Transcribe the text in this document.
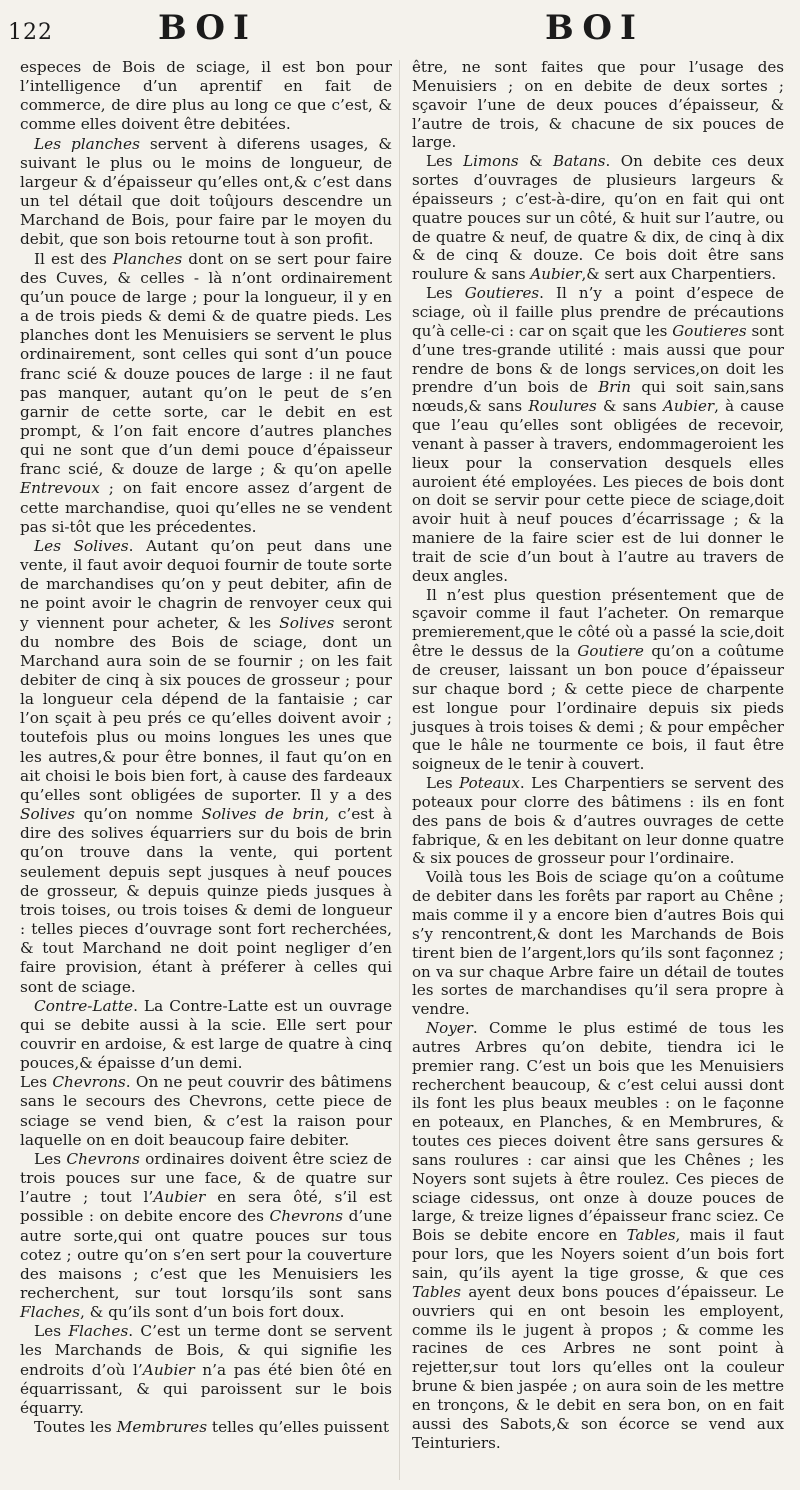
122	BOI	BOI

especes de Bois de sciage, il est bon pour l’intelligence d’un aprentif en fait de commerce, de dire plus au long ce que c’est, & comme elles doivent être debitées.

Les planches servent à diferens usages, & suivant le plus ou le moins de longueur, de largeur & d’épaisseur qu’elles ont,& c’est dans un tel détail que doit toûjours descendre un Marchand de Bois, pour faire par le moyen du debit, que son bois retourne tout à son profit.

Il est des Planches dont on se sert pour faire des Cuves, & celles - là n’ont ordinairement qu’un pouce de large ; pour la longueur, il y en a de trois pieds & demi & de quatre pieds. Les planches dont les Menuisiers se servent le plus ordinairement, sont celles qui sont d’un pouce franc scié & douze pouces de large : il ne faut pas manquer, autant qu’on le peut de s’en garnir de cette sorte, car le debit en est prompt, & l’on fait encore d’autres planches qui ne sont que d’un demi pouce d’épaisseur franc scié, & douze de large ; & qu’on apelle Entrevoux ; on fait encore assez d’argent de cette marchandise, quoi qu’elles ne se vendent pas si-tôt que les précedentes.

Les Solives. Autant qu’on peut dans une vente, il faut avoir dequoi fournir de toute sorte de marchandises qu’on y peut debiter, afin de ne point avoir le chagrin de renvoyer ceux qui y viennent pour acheter, & les Solives seront du nombre des Bois de sciage, dont un Marchand aura soin de se fournir ; on les fait debiter de cinq à six pouces de grosseur ; pour la longueur cela dépend de la fantaisie ; car l’on sçait à peu prés ce qu’elles doivent avoir ; toutefois plus ou moins longues les unes que les autres,& pour être bonnes, il faut qu’on en ait choisi le bois bien fort, à cause des fardeaux qu’elles sont obligées de suporter. Il y a des Solives qu’on nomme Solives de brin, c’est à dire des solives équarriers sur du bois de brin qu’on trouve dans la vente, qui portent seulement depuis sept jusques à neuf pouces de grosseur, & depuis quinze pieds jusques à trois toises, ou trois toises & demi de longueur : telles pieces d’ouvrage sont fort recherchées, & tout Marchand ne doit point negliger d’en faire provision, étant à préferer à celles qui sont de sciage.

Contre-Latte. La Contre-Latte est un ouvrage qui se debite aussi à la scie. Elle sert pour couvrir en ardoise, & est large de quatre à cinq pouces,& épaisse d’un demi.

Les Chevrons. On ne peut couvrir des bâtimens sans le secours des Chevrons, cette piece de sciage se vend bien, & c’est la raison pour laquelle on en doit beaucoup faire debiter.

Les Chevrons ordinaires doivent être sciez de trois pouces sur une face, & de quatre sur l’autre ; tout l’Aubier en sera ôté, s’il est possible : on debite encore des Chevrons d’une autre sorte,qui ont quatre pouces sur tous cotez ; outre qu’on s’en sert pour la couverture des maisons ; c’est que les Menuisiers les recherchent, sur tout lorsqu’ils sont sans Flaches, & qu’ils sont d’un bois fort doux.

Les Flaches. C’est un terme dont se servent les Marchands de Bois, & qui signifie les endroits d’où l’Aubier n’a pas été bien ôté en équarrissant, & qui paroissent sur le bois équarry.

Toutes les Membrures telles qu’elles puissent

être, ne sont faites que pour l’usage des Menuisiers ; on en debite de deux sortes ; sçavoir l’une de deux pouces d’épaisseur, & l’autre de trois, & chacune de six pouces de large.

Les Limons & Batans. On debite ces deux sortes d’ouvrages de plusieurs largeurs & épaisseurs ; c’est-à-dire, qu’on en fait qui ont quatre pouces sur un côté, & huit sur l’autre, ou de quatre & neuf, de quatre & dix, de cinq à dix & de cinq & douze. Ce bois doit être sans roulure & sans Aubier,& sert aux Charpentiers.

Les Goutieres. Il n’y a point d’espece de sciage, où il faille plus prendre de précautions qu’à celle-ci : car on sçait que les Goutieres sont d’une tres-grande utilité : mais aussi que pour rendre de bons & de longs services,on doit les prendre d’un bois de Brin qui soit sain,sans nœuds,& sans Roulures & sans Aubier, à cause que l’eau qu’elles sont obligées de recevoir, venant à passer à travers, endommageroient les lieux pour la conservation desquels elles auroient été employées. Les pieces de bois dont on doit se servir pour cette piece de sciage,doit avoir huit à neuf pouces d’écarrissage ; & la maniere de la faire scier est de lui donner le trait de scie d’un bout à l’autre au travers de deux angles.

Il n’est plus question présentement que de sçavoir comme il faut l’acheter. On remarque premierement,que le côté où a passé la scie,doit être le dessus de la Goutiere qu’on a coûtume de creuser, laissant un bon pouce d’épaisseur sur chaque bord ; & cette piece de charpente est longue pour l’ordinaire depuis six pieds jusques à trois toises & demi ; & pour empêcher que le hâle ne tourmente ce bois, il faut être soigneux de le tenir à couvert.

Les Poteaux. Les Charpentiers se servent des poteaux pour clorre des bâtimens : ils en font des pans de bois & d’autres ouvrages de cette fabrique, & en les debitant on leur donne quatre & six pouces de grosseur pour l’ordinaire.

Voilà tous les Bois de sciage qu’on a coûtume de debiter dans les forêts par raport au Chêne ; mais comme il y a encore bien d’autres Bois qui s’y rencontrent,& dont les Marchands de Bois tirent bien de l’argent,lors qu’ils sont façonnez ; on va sur chaque Arbre faire un détail de toutes les sortes de marchandises qu’il sera propre à vendre.

Noyer. Comme le plus estimé de tous les autres Arbres qu’on debite, tiendra ici le premier rang. C’est un bois que les Menuisiers recherchent beaucoup, & c’est celui aussi dont ils font les plus beaux meubles : on le façonne en poteaux, en Planches, & en Membrures, & toutes ces pieces doivent être sans gersures & sans roulures : car ainsi que les Chênes ; les Noyers sont sujets à être roulez. Ces pieces de sciage cidessus, ont onze à douze pouces de large, & treize lignes d’épaisseur franc sciez. Ce Bois se debite encore en Tables, mais il faut pour lors, que les Noyers soient d’un bois fort sain, qu’ils ayent la tige grosse, & que ces Tables ayent deux bons pouces d’épaisseur. Le ouvriers qui en ont besoin les employent, comme ils le jugent à propos ; & comme les racines de ces Arbres ne sont point à rejetter,sur tout lors qu’elles ont la couleur brune & bien jaspée ; on aura soin de les mettre en tronçons, & le debit en sera bon, on en fait aussi des Sabots,& son écorce se vend aux Teinturiers.
